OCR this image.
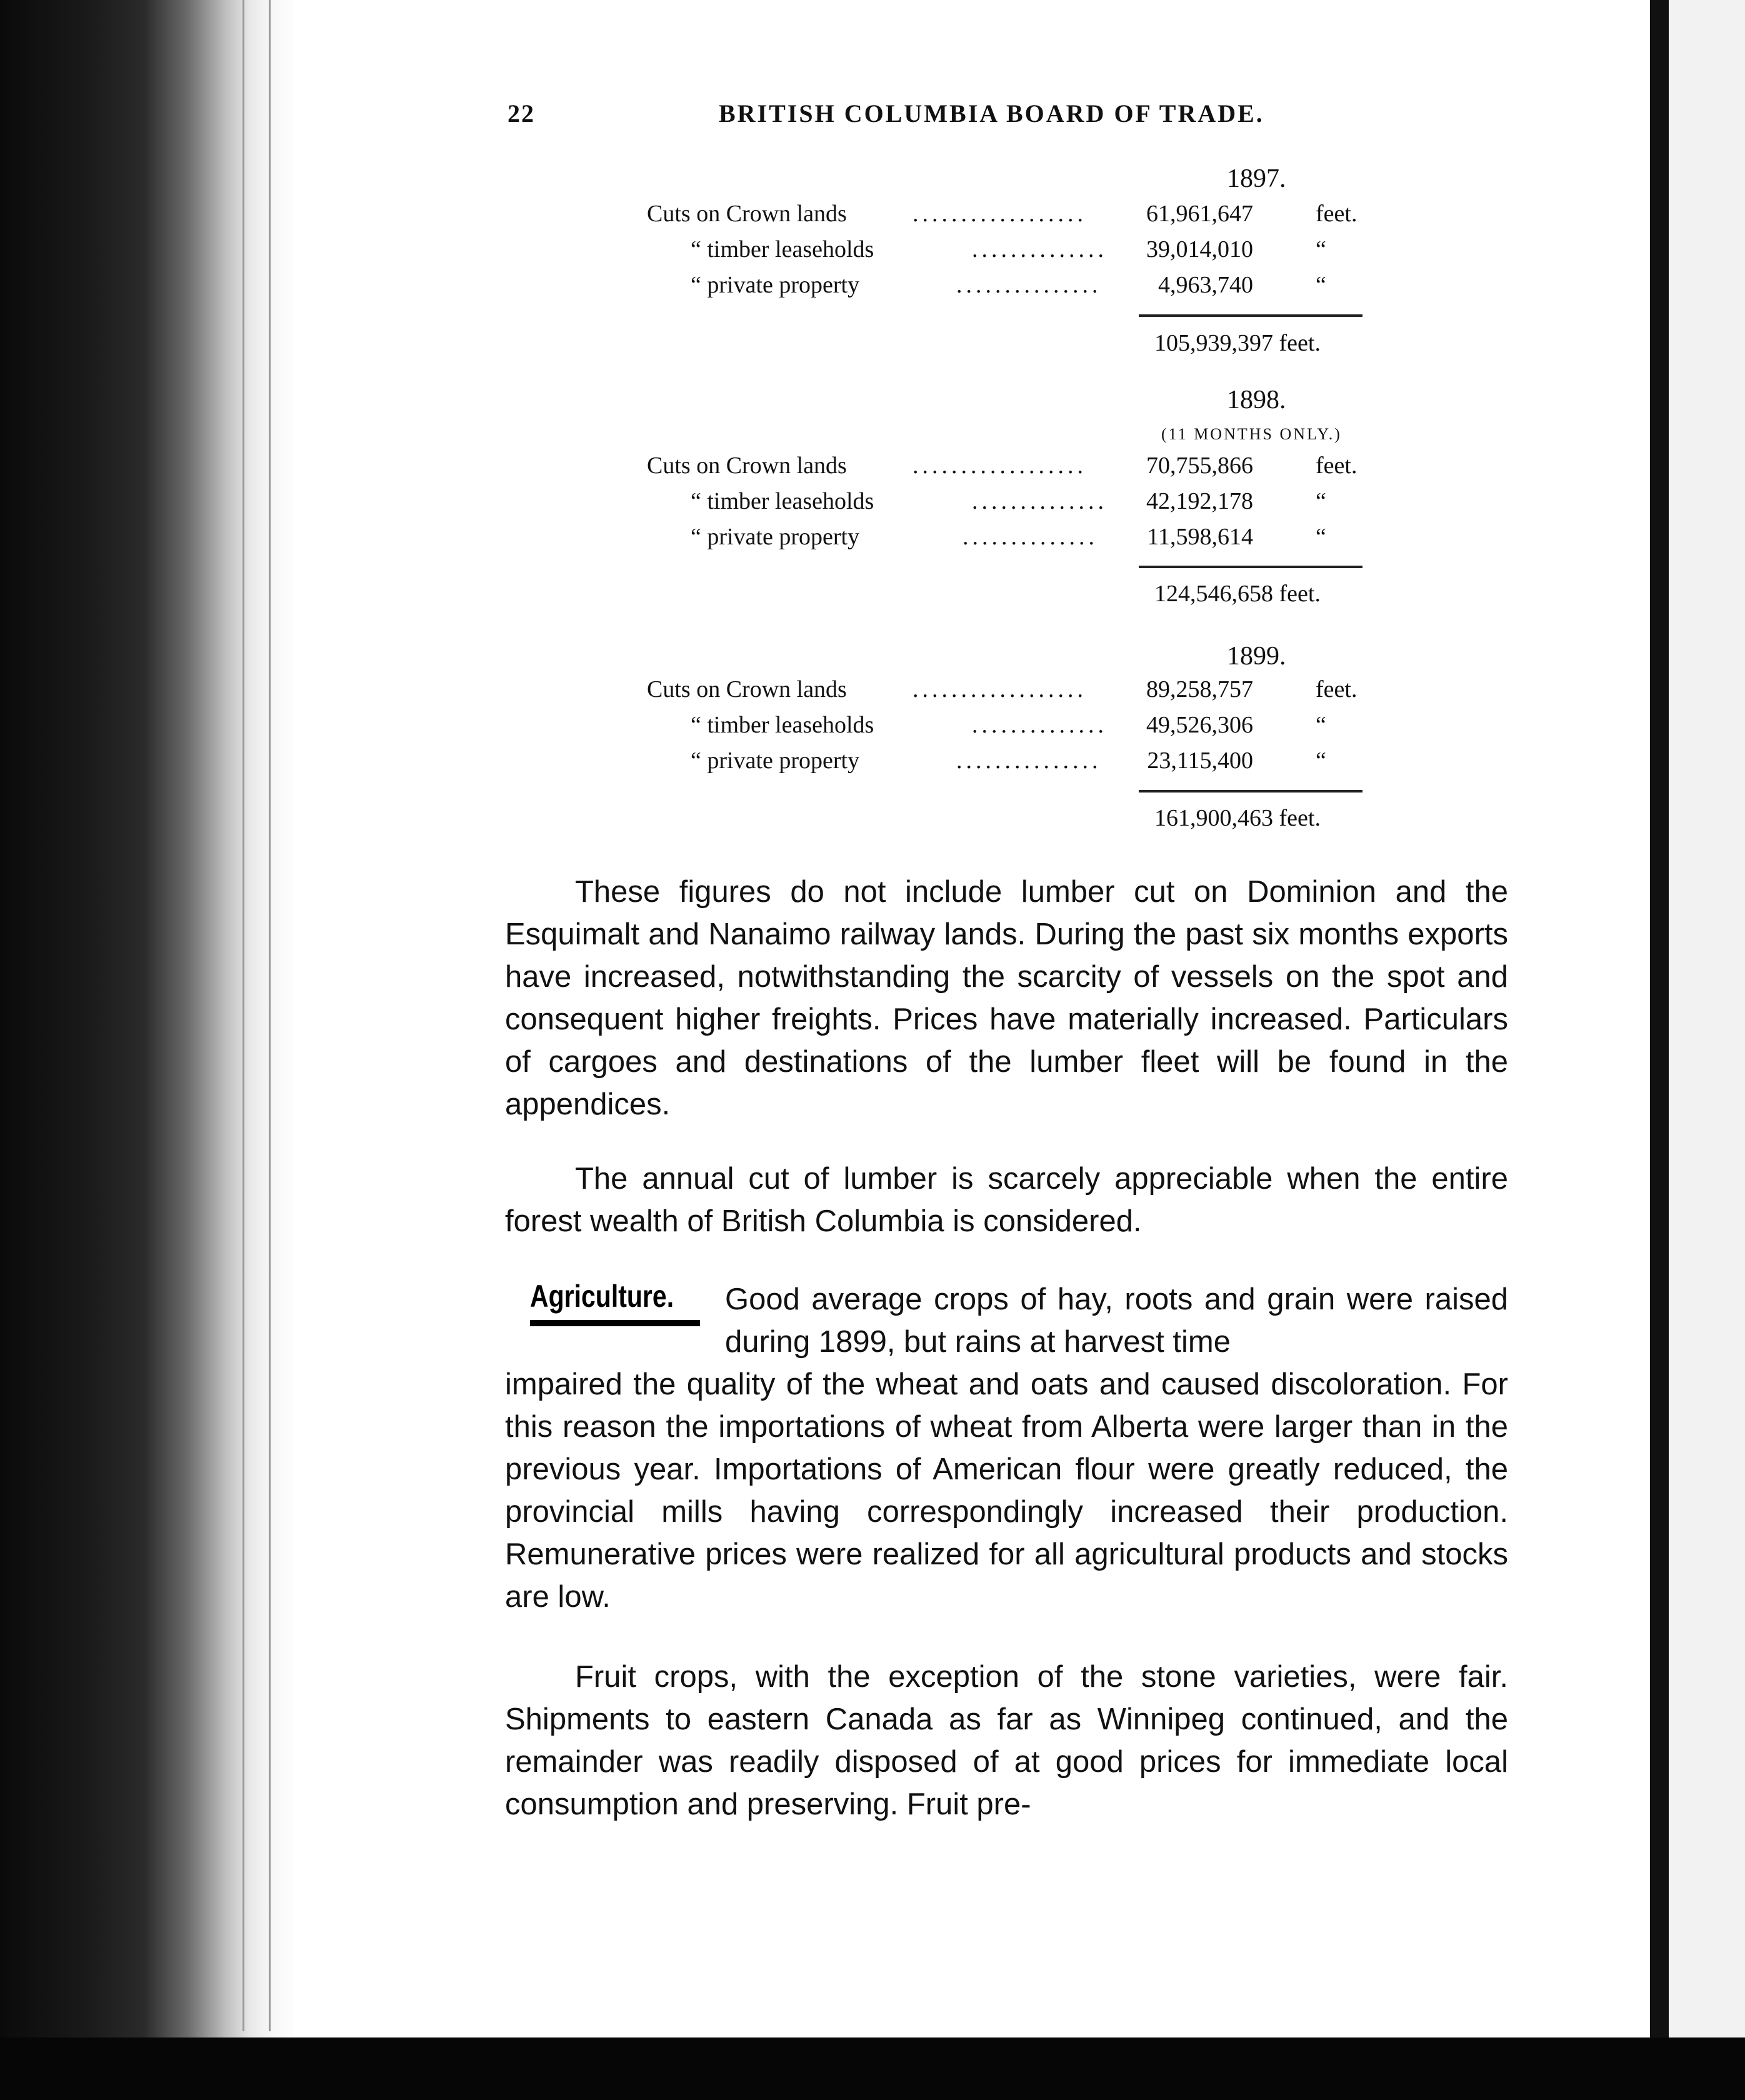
22	BRITISH COLUMBIA BOARD OF TRADE.
1897.
Cuts on Crown lands	..................	61,961,647	feet.
“ timber leaseholds	..............	39,014,010	“
“ private property	...............	4,963,740	“
105,939,397 feet.
1898.
(11 MONTHS ONLY.)
Cuts on Crown lands	..................	70,755,866	feet.
“ timber leaseholds	..............	42,192,178	“
“ private property	..............	11,598,614	“
124,546,658 feet.
1899.
Cuts on Crown lands	..................	89,258,757	feet.
“ timber leaseholds	..............	49,526,306	“
“ private property	...............	23,115,400	“
161,900,463 feet.
These figures do not include lumber cut on Dominion and the Esquimalt and Nanaimo railway lands. During the past six months exports have increased, notwithstanding the scarcity of vessels on the spot and consequent higher freights. Prices have materially increased. Particulars of cargoes and destinations of the lumber fleet will be found in the appendices.
The annual cut of lumber is scarcely appreciable when the entire forest wealth of British Columbia is considered.
Agriculture. Good average crops of hay, roots and grain were raised during 1899, but rains at harvest time
impaired the quality of the wheat and oats and caused discoloration. For this reason the importations of wheat from Alberta were larger than in the previous year. Importations of American flour were greatly reduced, the provincial mills having correspondingly increased their production. Remunerative prices were realized for all agricultural products and stocks are low.
Fruit crops, with the exception of the stone varieties, were fair. Shipments to eastern Canada as far as Winnipeg continued, and the remainder was readily disposed of at good prices for immediate local consumption and preserving. Fruit pre-
